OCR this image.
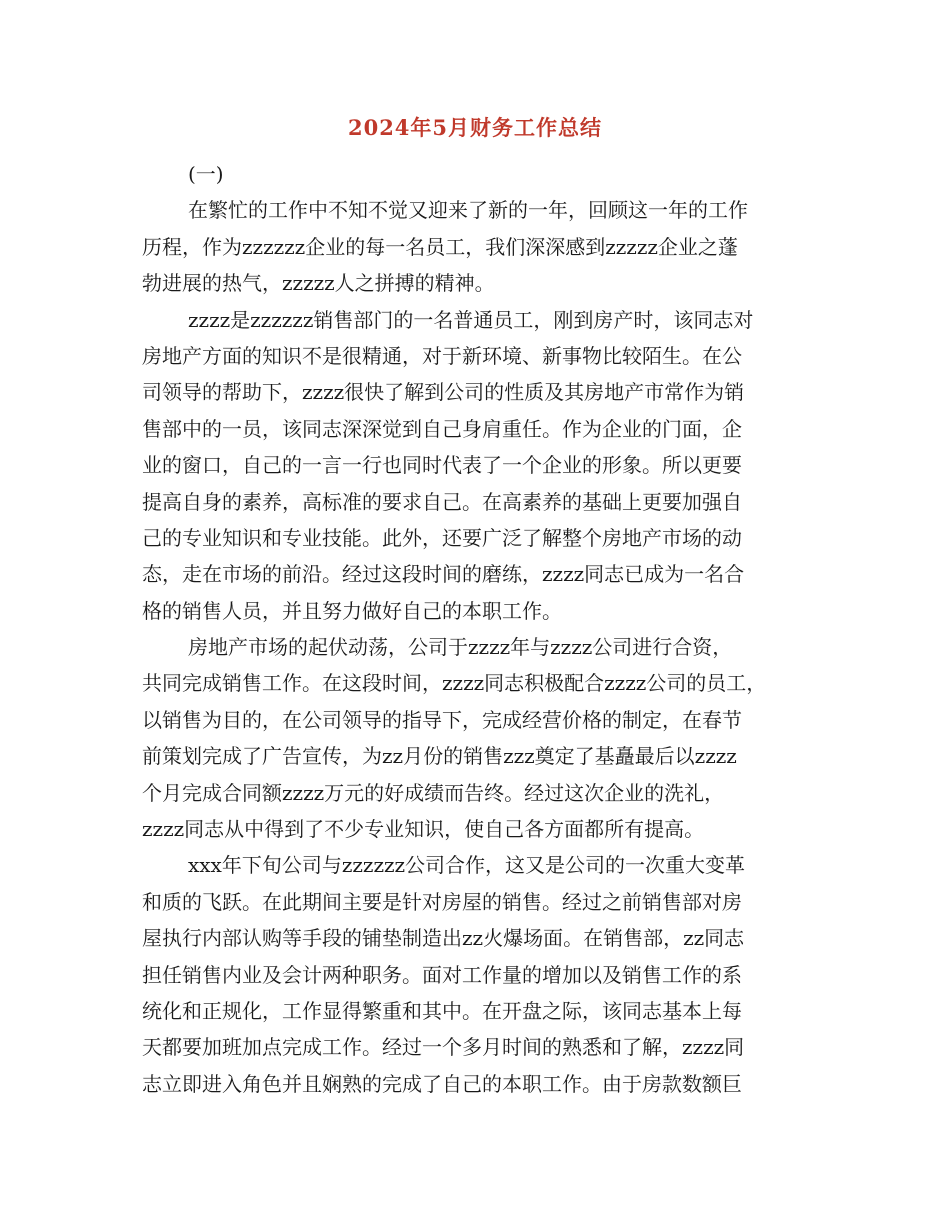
2024年5月财务工作总结
(一)
在繁忙的工作中不知不觉又迎来了新的一年，回顾这一年的工作
历程，作为zzzzzz企业的每一名员工，我们深深感到zzzzz企业之蓬
勃进展的热气，zzzzz人之拼搏的精神。
zzzz是zzzzzz销售部门的一名普通员工，刚到房产时，该同志对
房地产方面的知识不是很精通，对于新环境、新事物比较陌生。在公
司领导的帮助下，zzzz很快了解到公司的性质及其房地产市常作为销
售部中的一员，该同志深深觉到自己身肩重任。作为企业的门面，企
业的窗口，自己的一言一行也同时代表了一个企业的形象。所以更要
提高自身的素养，高标准的要求自己。在高素养的基础上更要加强自
己的专业知识和专业技能。此外，还要广泛了解整个房地产市场的动
态，走在市场的前沿。经过这段时间的磨练，zzzz同志已成为一名合
格的销售人员，并且努力做好自己的本职工作。
房地产市场的起伏动荡，公司于zzzz年与zzzz公司进行合资，
共同完成销售工作。在这段时间，zzzz同志积极配合zzzz公司的员工，
以销售为目的，在公司领导的指导下，完成经营价格的制定，在春节
前策划完成了广告宣传，为zz月份的销售zzz奠定了基矗最后以zzzz
个月完成合同额zzzz万元的好成绩而告终。经过这次企业的洗礼，
zzzz同志从中得到了不少专业知识，使自己各方面都所有提高。
xxx年下旬公司与zzzzzz公司合作，这又是公司的一次重大变革
和质的飞跃。在此期间主要是针对房屋的销售。经过之前销售部对房
屋执行内部认购等手段的铺垫制造出zz火爆场面。在销售部，zz同志
担任销售内业及会计两种职务。面对工作量的增加以及销售工作的系
统化和正规化，工作显得繁重和其中。在开盘之际，该同志基本上每
天都要加班加点完成工作。经过一个多月时间的熟悉和了解，zzzz同
志立即进入角色并且娴熟的完成了自己的本职工作。由于房款数额巨
